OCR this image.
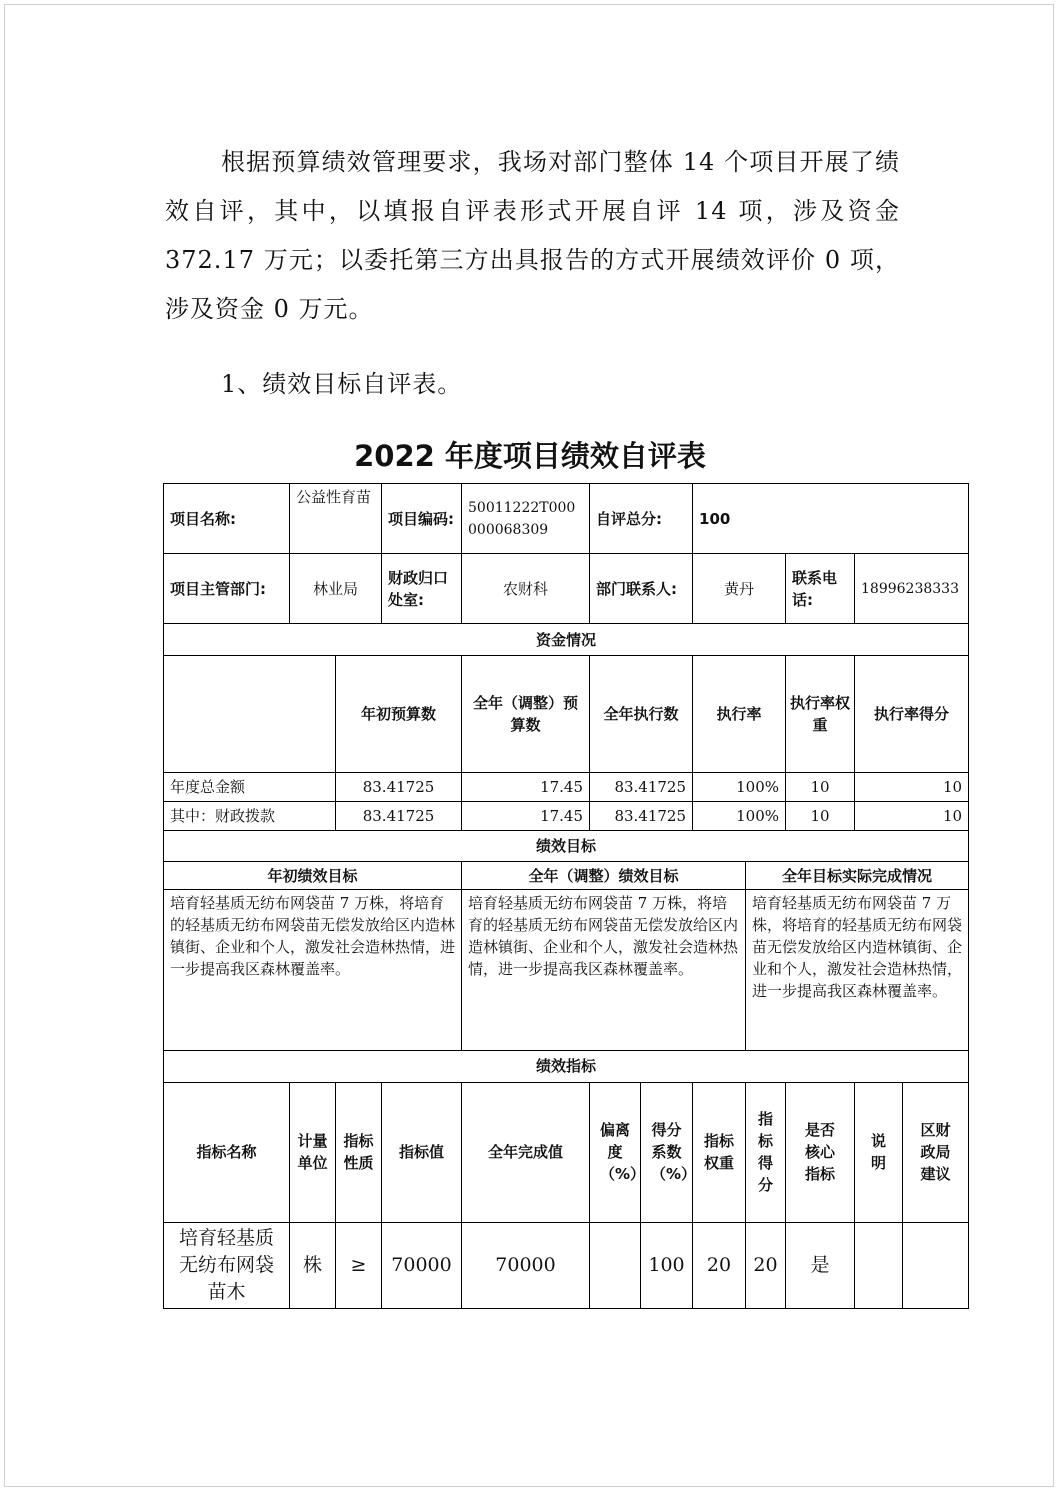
根据预算绩效管理要求，我场对部门整体 14 个项目开展了绩效自评，其中，以填报自评表形式开展自评 14 项，涉及资金 372.17 万元；以委托第三方出具报告的方式开展绩效评价 0 项，涉及资金 0 万元。

1、绩效目标自评表。

2022 年度项目绩效自评表
项目名称:	公益性育苗		项目编码:	50011222T000000068309	自评总分:		100				
项目主管部门:	林业局		财政归口处室:	农财科	部门联系人:		黄丹		联系电话:	18996238333	
资金情况											
		年初预算数		全年（调整）预算数	全年执行数		执行率		执行率权重	执行率得分	
年度总金额		83.41725		17.45	83.41725		100%		10	10	
其中：财政拨款		83.41725		17.45	83.41725		100%		10	10	
绩效目标											
年初绩效目标				全年（调整）绩效目标				全年目标实际完成情况			
培育轻基质无纺布网袋苗 7 万株，将培育的轻基质无纺布网袋苗无偿发放给区内造林镇街、企业和个人，激发社会造林热情，进一步提高我区森林覆盖率。				培育轻基质无纺布网袋苗 7 万株，将培育的轻基质无纺布网袋苗无偿发放给区内造林镇街、企业和个人，激发社会造林热情，进一步提高我区森林覆盖率。				培育轻基质无纺布网袋苗 7 万株，将培育的轻基质无纺布网袋苗无偿发放给区内造林镇街、企业和个人，激发社会造林热情，进一步提高我区森林覆盖率。			
绩效指标											
指标名称	计量单位	指标性质	指标值	全年完成值	偏离度（%）	得分系数（%）	指标权重	指标得分	是否核心指标	说明	区财政局建议
培育轻基质无纺布网袋苗木	株	≥	70000	70000		100	20	20	是		
